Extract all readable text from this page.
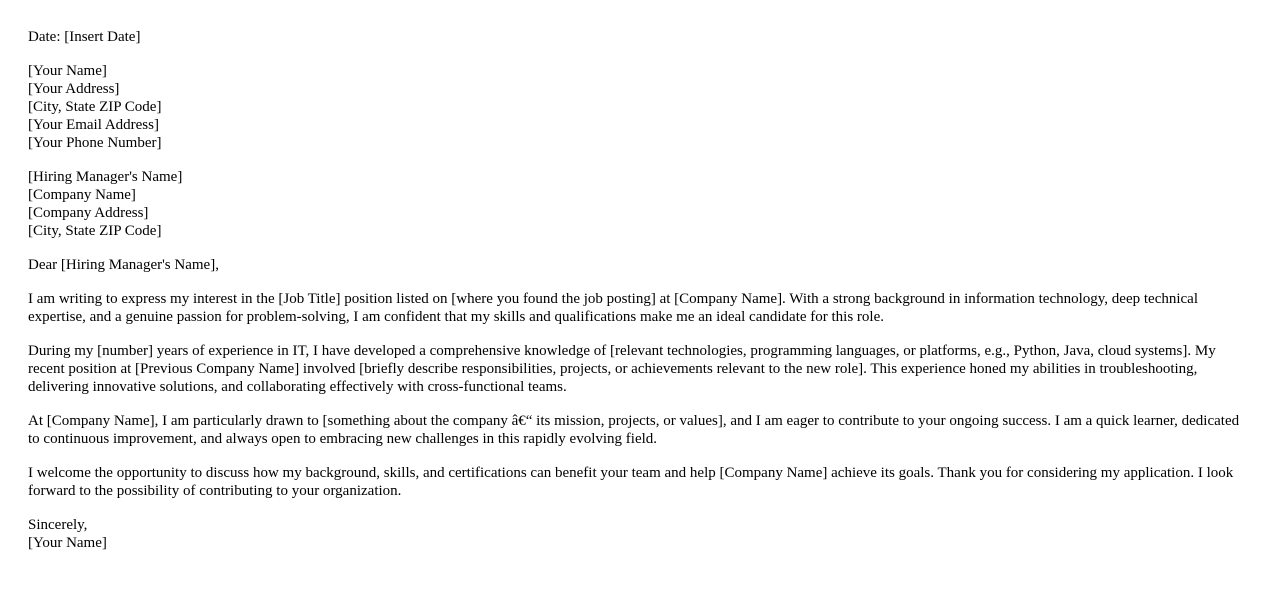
Date: [Insert Date]
[Your Name]
[Your Address]
[City, State ZIP Code]
[Your Email Address]
[Your Phone Number]
[Hiring Manager's Name]
[Company Name]
[Company Address]
[City, State ZIP Code]
Dear [Hiring Manager's Name],

I am writing to express my interest in the [Job Title] position listed on [where you found the job posting] at [Company Name]. With a strong background in information technology, deep technical expertise, and a genuine passion for problem-solving, I am confident that my skills and qualifications make me an ideal candidate for this role.

During my [number] years of experience in IT, I have developed a comprehensive knowledge of [relevant technologies, programming languages, or platforms, e.g., Python, Java, cloud systems]. My recent position at [Previous Company Name] involved [briefly describe responsibilities, projects, or achievements relevant to the new role]. This experience honed my abilities in troubleshooting, delivering innovative solutions, and collaborating effectively with cross-functional teams.

At [Company Name], I am particularly drawn to [something about the company â€“ its mission, projects, or values], and I am eager to contribute to your ongoing success. I am a quick learner, dedicated to continuous improvement, and always open to embracing new challenges in this rapidly evolving field.

I welcome the opportunity to discuss how my background, skills, and certifications can benefit your team and help [Company Name] achieve its goals. Thank you for considering my application. I look forward to the possibility of contributing to your organization.

Sincerely,
[Your Name]
